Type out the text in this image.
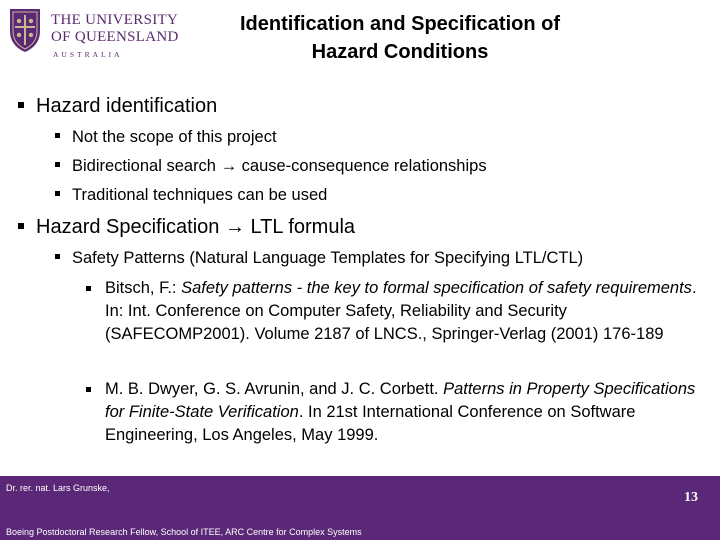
THE UNIVERSITY
OF QUEENSLAND
AUSTRALIA
Identification and Specification of
Hazard Conditions
Hazard identification
Not the scope of this project
Bidirectional search → cause-consequence relationships
Traditional techniques can be used
Hazard Specification → LTL formula
Safety Patterns (Natural Language Templates for Specifying LTL/CTL)
Bitsch, F.: Safety patterns - the key to formal specification of safety requirements. In: Int. Conference on Computer Safety, Reliability and Security (SAFECOMP2001). Volume 2187 of LNCS., Springer-Verlag (2001) 176-189
M. B. Dwyer, G. S. Avrunin, and J. C. Corbett. Patterns in Property Specifications for Finite-State Verification. In 21st International Conference on Software Engineering, Los Angeles, May 1999.
Dr. rer. nat. Lars Grunske,
Boeing Postdoctoral Research Fellow, School of ITEE, ARC Centre for Complex Systems
13
